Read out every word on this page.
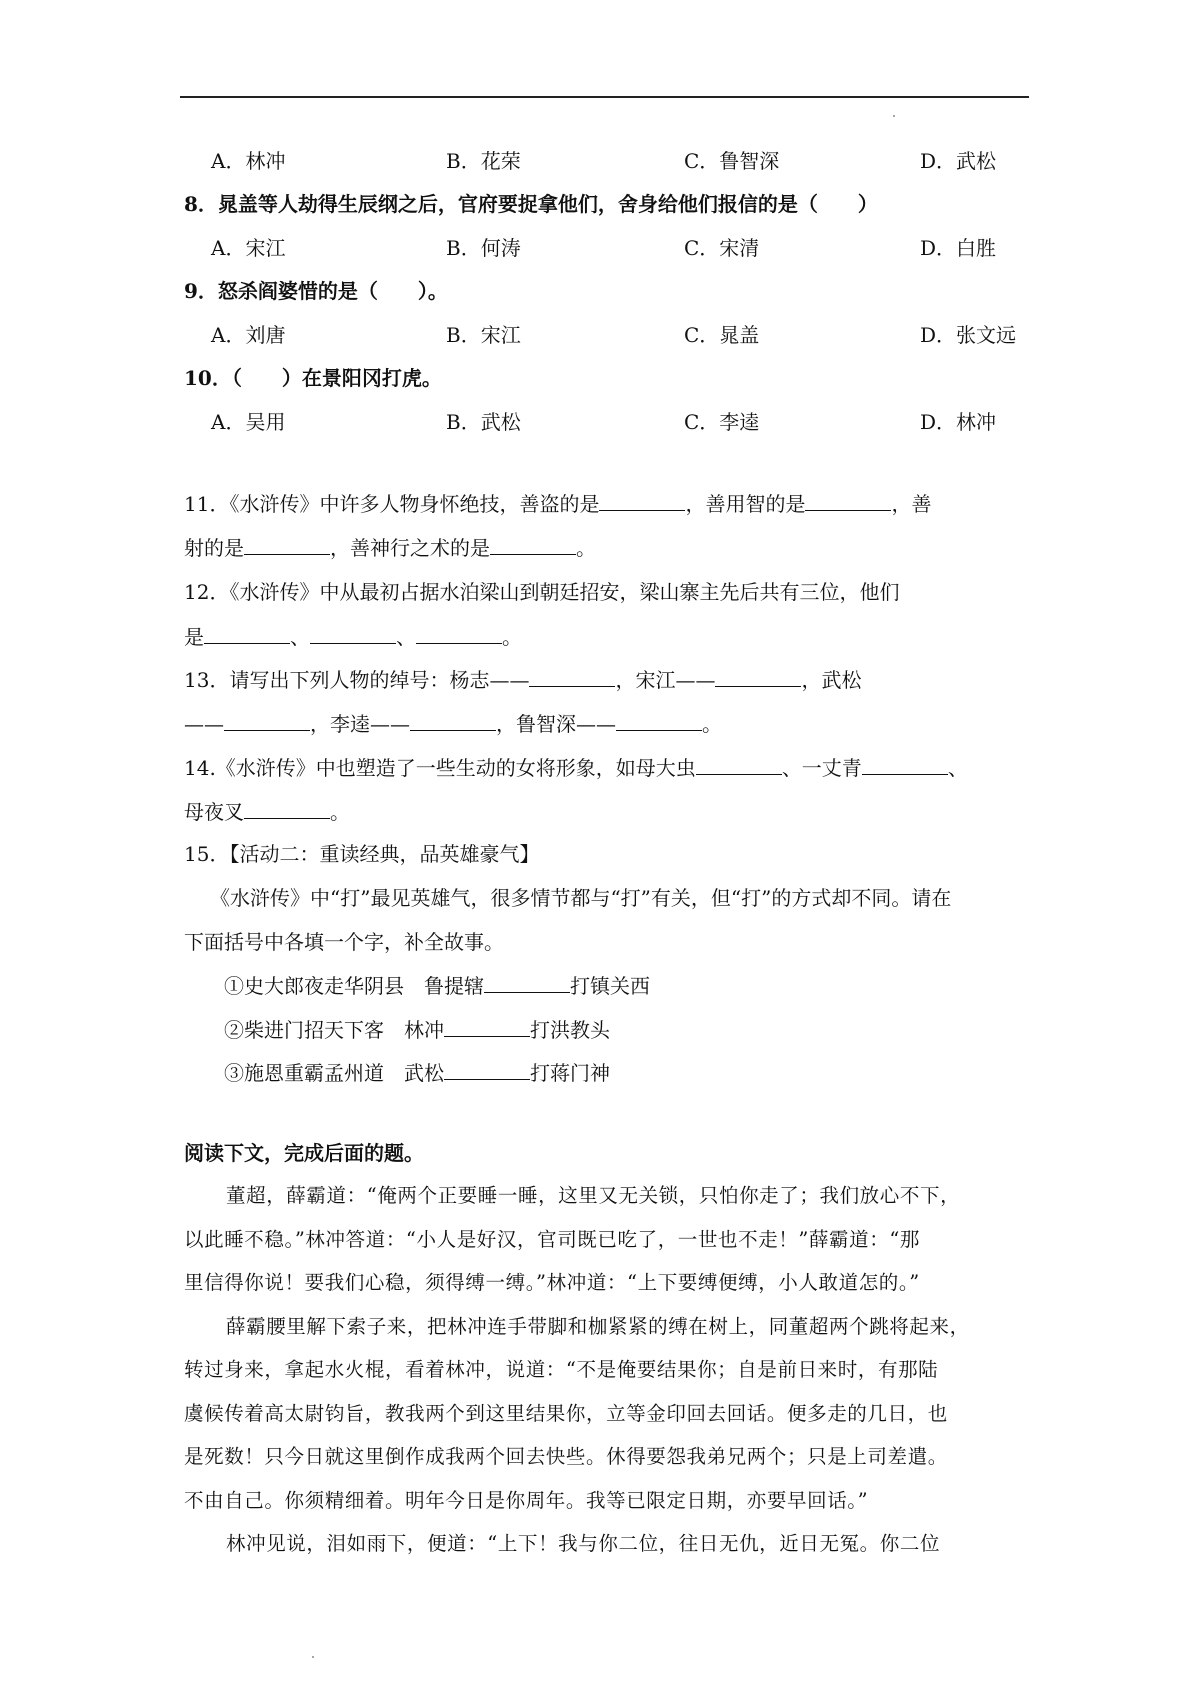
A．林冲	B．花荣	C．鲁智深	D．武松
8．晁盖等人劫得生辰纲之后，官府要捉拿他们，舍身给他们报信的是（　　）
A．宋江	B．何涛	C．宋清	D．白胜
9．怒杀阎婆惜的是（　　）。
A．刘唐	B．宋江	C．晁盖	D．张文远
10．（　　）在景阳冈打虎。
A．吴用	B．武松	C．李逵	D．林冲
11．《水浒传》中许多人物身怀绝技，善盗的是	，善用智的是	，善
射的是	，善神行之术的是	。
12．《水浒传》中从最初占据水泊梁山到朝廷招安，梁山寨主先后共有三位，他们
是	、	、	。
13．请写出下列人物的绰号：杨志——	，宋江——	，武松
——	，李逵——	，鲁智深——	。
14.《水浒传》中也塑造了一些生动的女将形象，如母大虫	、一丈青	、
母夜叉	。
15．【活动二：重读经典，品英雄豪气】
《水浒传》中“打”最见英雄气，很多情节都与“打”有关，但“打”的方式却不同。请在
下面括号中各填一个字，补全故事。
①史大郎夜走华阴县　鲁提辖	打镇关西
②柴进门招天下客　林冲	打洪教头
③施恩重霸孟州道　武松	打蒋门神
阅读下文，完成后面的题。
董超，薛霸道：“俺两个正要睡一睡，这里又无关锁，只怕你走了；我们放心不下，
以此睡不稳。”林冲答道：“小人是好汉，官司既已吃了，一世也不走！”薛霸道：“那
里信得你说！要我们心稳，须得缚一缚。”林冲道：“上下要缚便缚，小人敢道怎的。”
薛霸腰里解下索子来，把林冲连手带脚和枷紧紧的缚在树上，同董超两个跳将起来，
转过身来，拿起水火棍，看着林冲，说道：“不是俺要结果你；自是前日来时，有那陆
虞候传着高太尉钧旨，教我两个到这里结果你，立等金印回去回话。便多走的几日，也
是死数！只今日就这里倒作成我两个回去快些。休得要怨我弟兄两个；只是上司差遣。
不由自己。你须精细着。明年今日是你周年。我等已限定日期，亦要早回话。”
林冲见说，泪如雨下，便道：“上下！我与你二位，往日无仇，近日无冤。你二位
